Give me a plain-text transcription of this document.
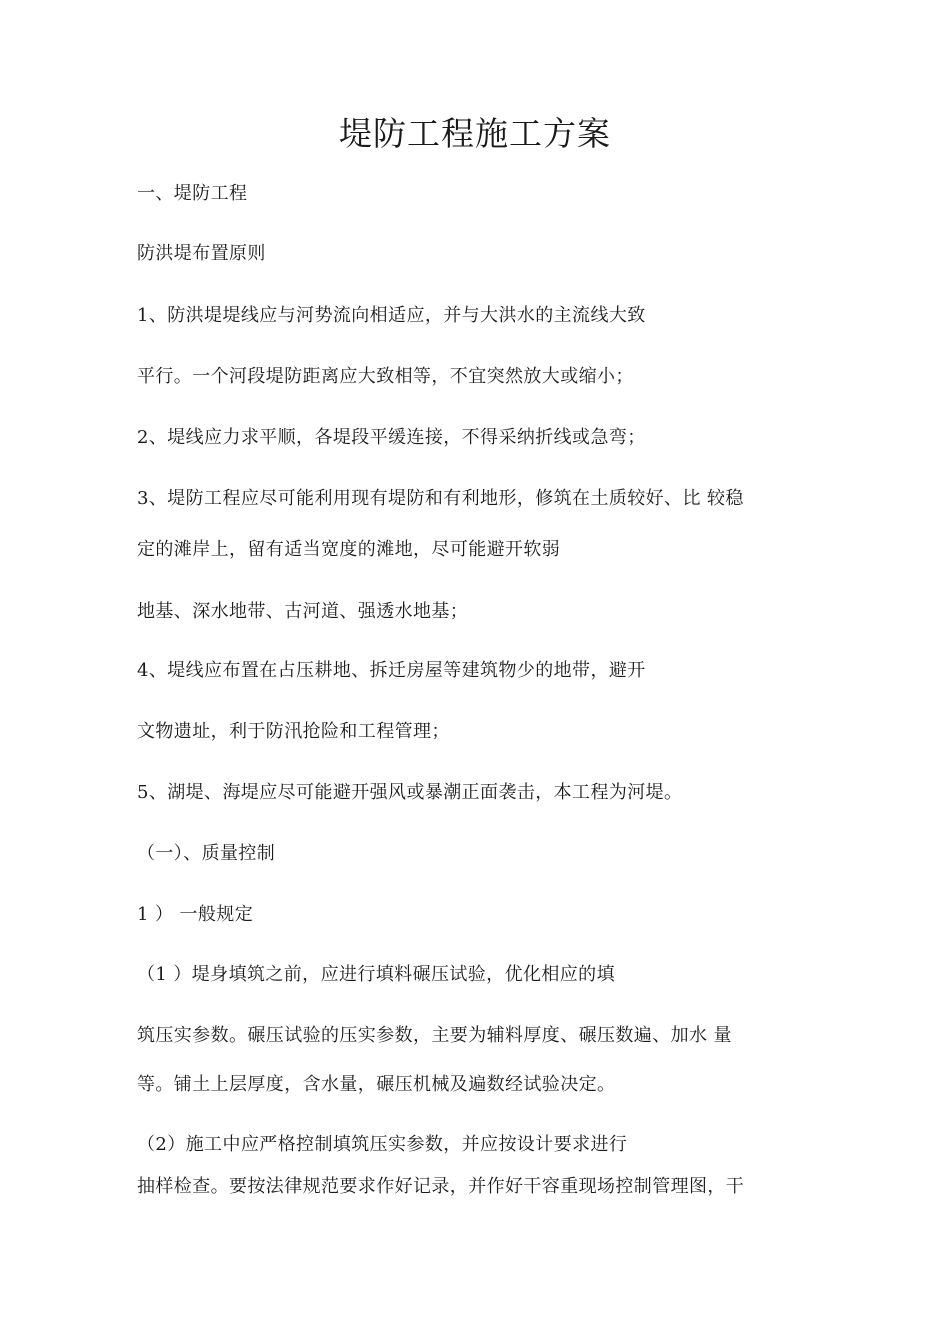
堤防工程施工方案
一、堤防工程
防洪堤布置原则
1、防洪堤堤线应与河势流向相适应，并与大洪水的主流线大致
平行。一个河段堤防距离应大致相等，不宜突然放大或缩小；
2、堤线应力求平顺，各堤段平缓连接，不得采纳折线或急弯；
3、堤防工程应尽可能利用现有堤防和有利地形，修筑在土质较好、比 较稳
定的滩岸上，留有适当宽度的滩地，尽可能避开软弱
地基、深水地带、古河道、强透水地基；
4、堤线应布置在占压耕地、拆迁房屋等建筑物少的地带，避开
文物遗址，利于防汛抢险和工程管理；
5、湖堤、海堤应尽可能避开强风或暴潮正面袭击，本工程为河堤。
（一）、质量控制
1 ） 一般规定
（1 ）堤身填筑之前，应进行填料碾压试验，优化相应的填
筑压实参数。碾压试验的压实参数，主要为辅料厚度、碾压数遍、加水 量
等。铺土上层厚度，含水量，碾压机械及遍数经试验决定。
（2）施工中应严格控制填筑压实参数，并应按设计要求进行
抽样检查。要按法律规范要求作好记录，并作好干容重现场控制管理图，干
